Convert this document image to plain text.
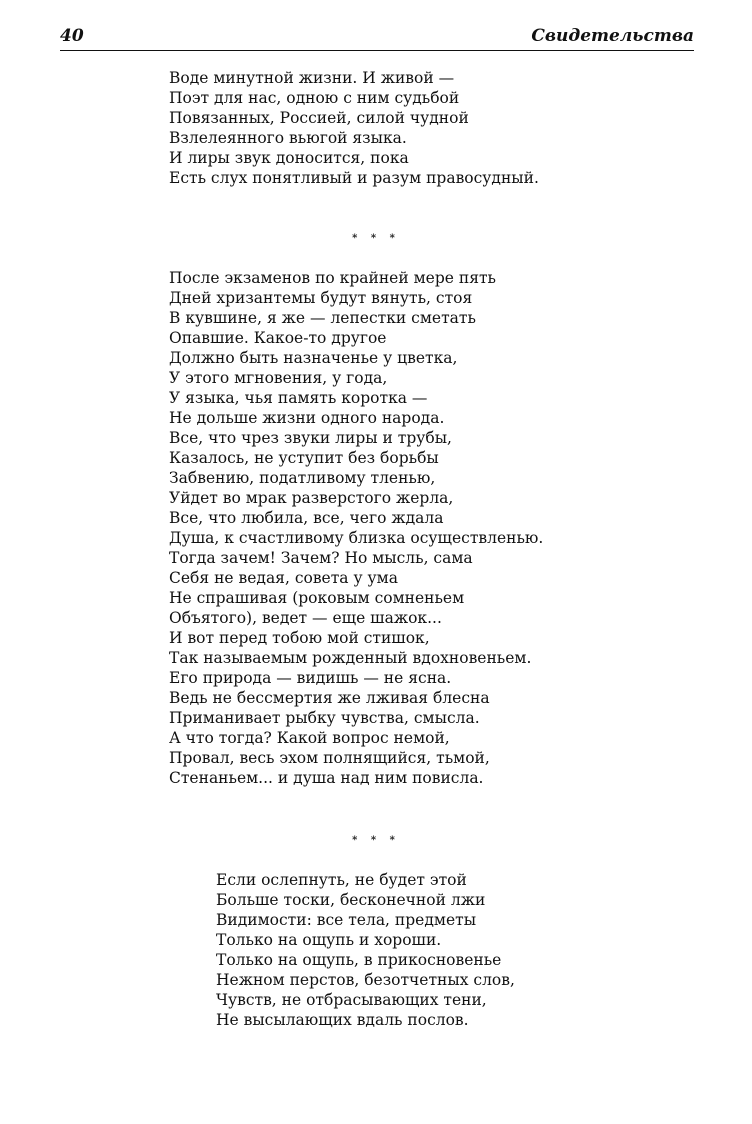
40	Свидетельства
Воде минутной жизни. И живой —
Поэт для нас, одною с ним судьбой
Повязанных, Россией, силой чудной
Взлелеянного вьюгой языка.
И лиры звук доносится, пока
Есть слух понятливый и разум правосудный.
* * *
После экзаменов по крайней мере пять
Дней хризантемы будут вянуть, стоя
В кувшине, я же — лепестки сметать
Опавшие. Какое-то другое
Должно быть назначенье у цветка,
У этого мгновения, у года,
У языка, чья память коротка —
Не дольше жизни одного народа.
Все, что чрез звуки лиры и трубы,
Казалось, не уступит без борьбы
Забвению, податливому тленью,
Уйдет во мрак разверстого жерла,
Все, что любила, все, чего ждала
Душа, к счастливому близка осуществленью.
Тогда зачем! Зачем? Но мысль, сама
Себя не ведая, совета у ума
Не спрашивая (роковым сомненьем
Объятого), ведет — еще шажок...
И вот перед тобою мой стишок,
Так называемым рожденный вдохновеньем.
Его природа — видишь — не ясна.
Ведь не бессмертия же лживая блесна
Приманивает рыбку чувства, смысла.
А что тогда? Какой вопрос немой,
Провал, весь эхом полнящийся, тьмой,
Стенаньем... и душа над ним повисла.
* * *
Если ослепнуть, не будет этой
Больше тоски, бесконечной лжи
Видимости: все тела, предметы
Только на ощупь и хороши.
Только на ощупь, в прикосновенье
Нежном перстов, безотчетных слов,
Чувств, не отбрасывающих тени,
Не высылающих вдаль послов.
